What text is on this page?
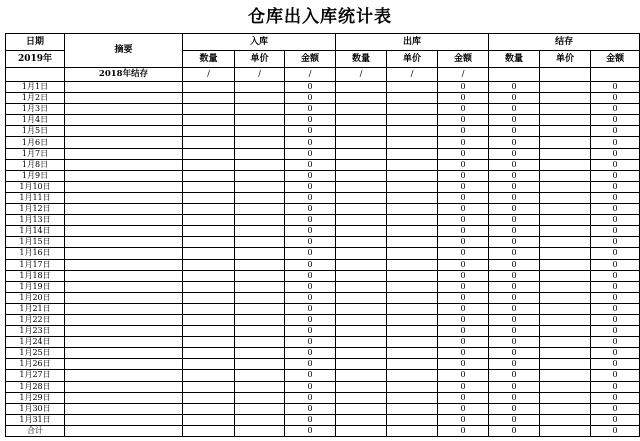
仓库出入库统计表
日期	摘要	入库			出库			结存		
2019年		数量	单价	金额	数量	单价	金额	数量	单价	金额
	2018年结存	/	/	/	/	/	/			
1月1日				0			0	0		0
1月2日				0			0	0		0
1月3日				0			0	0		0
1月4日				0			0	0		0
1月5日				0			0	0		0
1月6日				0			0	0		0
1月7日				0			0	0		0
1月8日				0			0	0		0
1月9日				0			0	0		0
1月10日				0			0	0		0
1月11日				0			0	0		0
1月12日				0			0	0		0
1月13日				0			0	0		0
1月14日				0			0	0		0
1月15日				0			0	0		0
1月16日				0			0	0		0
1月17日				0			0	0		0
1月18日				0			0	0		0
1月19日				0			0	0		0
1月20日				0			0	0		0
1月21日				0			0	0		0
1月22日				0			0	0		0
1月23日				0			0	0		0
1月24日				0			0	0		0
1月25日				0			0	0		0
1月26日				0			0	0		0
1月27日				0			0	0		0
1月28日				0			0	0		0
1月29日				0			0	0		0
1月30日				0			0	0		0
1月31日				0			0	0		0
合计				0			0	0		0
